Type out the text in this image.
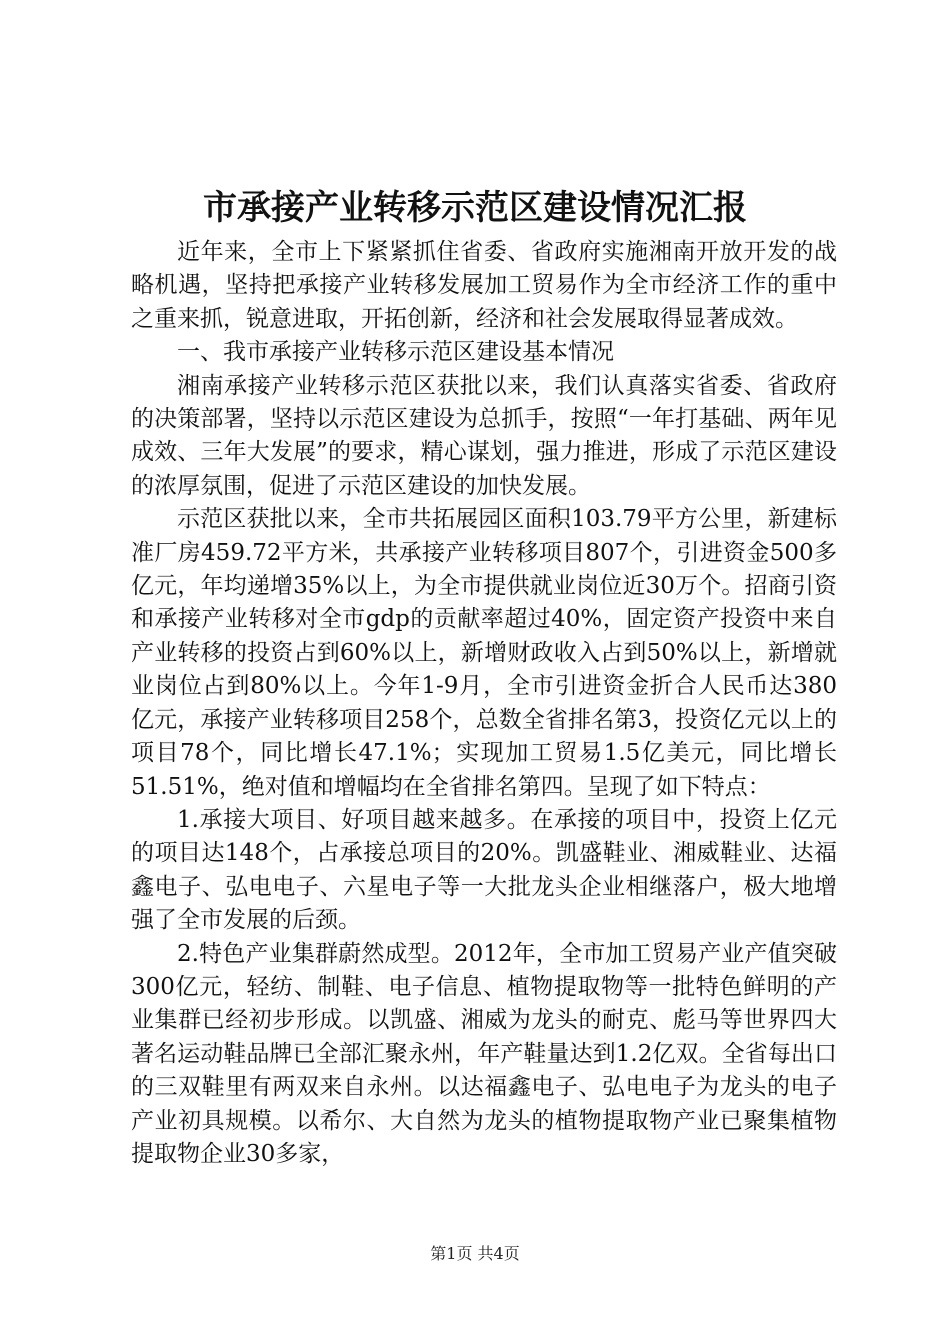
市承接产业转移示范区建设情况汇报

近年来，全市上下紧紧抓住省委、省政府实施湘南开放开发的战略机遇，坚持把承接产业转移发展加工贸易作为全市经济工作的重中之重来抓，锐意进取，开拓创新，经济和社会发展取得显著成效。

一、我市承接产业转移示范区建设基本情况

湘南承接产业转移示范区获批以来，我们认真落实省委、省政府的决策部署，坚持以示范区建设为总抓手，按照“一年打基础、两年见成效、三年大发展”的要求，精心谋划，强力推进，形成了示范区建设的浓厚氛围，促进了示范区建设的加快发展。

示范区获批以来，全市共拓展园区面积103.79平方公里，新建标准厂房459.72平方米，共承接产业转移项目807个，引进资金500多亿元，年均递增35%以上，为全市提供就业岗位近30万个。招商引资和承接产业转移对全市gdp的贡献率超过40%，固定资产投资中来自产业转移的投资占到60%以上，新增财政收入占到50%以上，新增就业岗位占到80%以上。今年1-9月，全市引进资金折合人民币达380亿元，承接产业转移项目258个，总数全省排名第3，投资亿元以上的项目78个，同比增长47.1%；实现加工贸易1.5亿美元，同比增长51.51%，绝对值和增幅均在全省排名第四。呈现了如下特点：

1.承接大项目、好项目越来越多。在承接的项目中，投资上亿元的项目达148个，占承接总项目的20%。凯盛鞋业、湘威鞋业、达福鑫电子、弘电电子、六星电子等一大批龙头企业相继落户，极大地增强了全市发展的后颈。

2.特色产业集群蔚然成型。2012年，全市加工贸易产业产值突破300亿元，轻纺、制鞋、电子信息、植物提取物等一批特色鲜明的产业集群已经初步形成。以凯盛、湘威为龙头的耐克、彪马等世界四大著名运动鞋品牌已全部汇聚永州，年产鞋量达到1.2亿双。全省每出口的三双鞋里有两双来自永州。以达福鑫电子、弘电电子为龙头的电子产业初具规模。以希尔、大自然为龙头的植物提取物产业已聚集植物提取物企业30多家，

第1页 共4页
